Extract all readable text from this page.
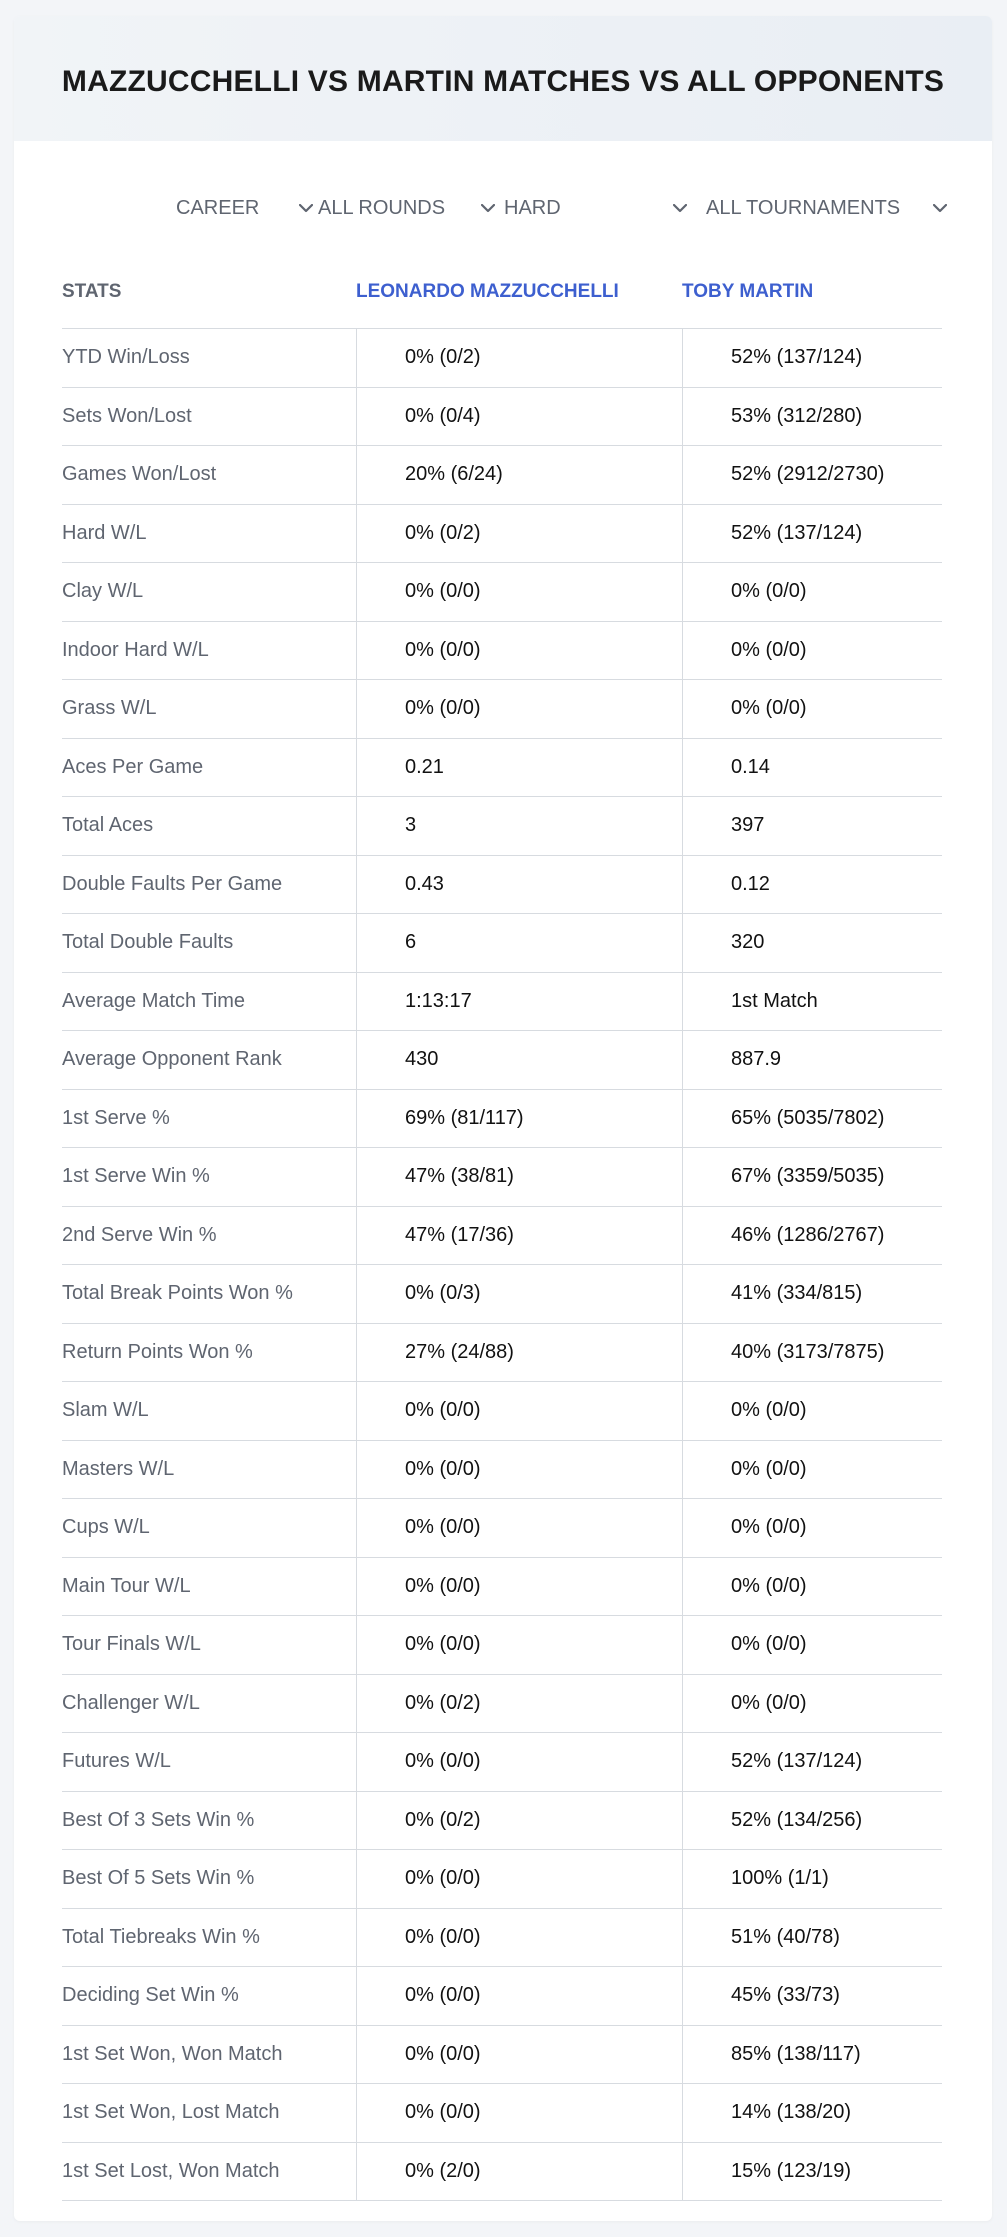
MAZZUCCHELLI VS MARTIN MATCHES VS ALL OPPONENTS
CAREER	ALL ROUNDS	HARD	ALL TOURNAMENTS
STATS	LEONARDO MAZZUCCHELLI	TOBY MARTIN
YTD Win/Loss	0% (0/2)	52% (137/124)
Sets Won/Lost	0% (0/4)	53% (312/280)
Games Won/Lost	20% (6/24)	52% (2912/2730)
Hard W/L	0% (0/2)	52% (137/124)
Clay W/L	0% (0/0)	0% (0/0)
Indoor Hard W/L	0% (0/0)	0% (0/0)
Grass W/L	0% (0/0)	0% (0/0)
Aces Per Game	0.21	0.14
Total Aces	3	397
Double Faults Per Game	0.43	0.12
Total Double Faults	6	320
Average Match Time	1:13:17	1st Match
Average Opponent Rank	430	887.9
1st Serve %	69% (81/117)	65% (5035/7802)
1st Serve Win %	47% (38/81)	67% (3359/5035)
2nd Serve Win %	47% (17/36)	46% (1286/2767)
Total Break Points Won %	0% (0/3)	41% (334/815)
Return Points Won %	27% (24/88)	40% (3173/7875)
Slam W/L	0% (0/0)	0% (0/0)
Masters W/L	0% (0/0)	0% (0/0)
Cups W/L	0% (0/0)	0% (0/0)
Main Tour W/L	0% (0/0)	0% (0/0)
Tour Finals W/L	0% (0/0)	0% (0/0)
Challenger W/L	0% (0/2)	0% (0/0)
Futures W/L	0% (0/0)	52% (137/124)
Best Of 3 Sets Win %	0% (0/2)	52% (134/256)
Best Of 5 Sets Win %	0% (0/0)	100% (1/1)
Total Tiebreaks Win %	0% (0/0)	51% (40/78)
Deciding Set Win %	0% (0/0)	45% (33/73)
1st Set Won, Won Match	0% (0/0)	85% (138/117)
1st Set Won, Lost Match	0% (0/0)	14% (138/20)
1st Set Lost, Won Match	0% (2/0)	15% (123/19)
